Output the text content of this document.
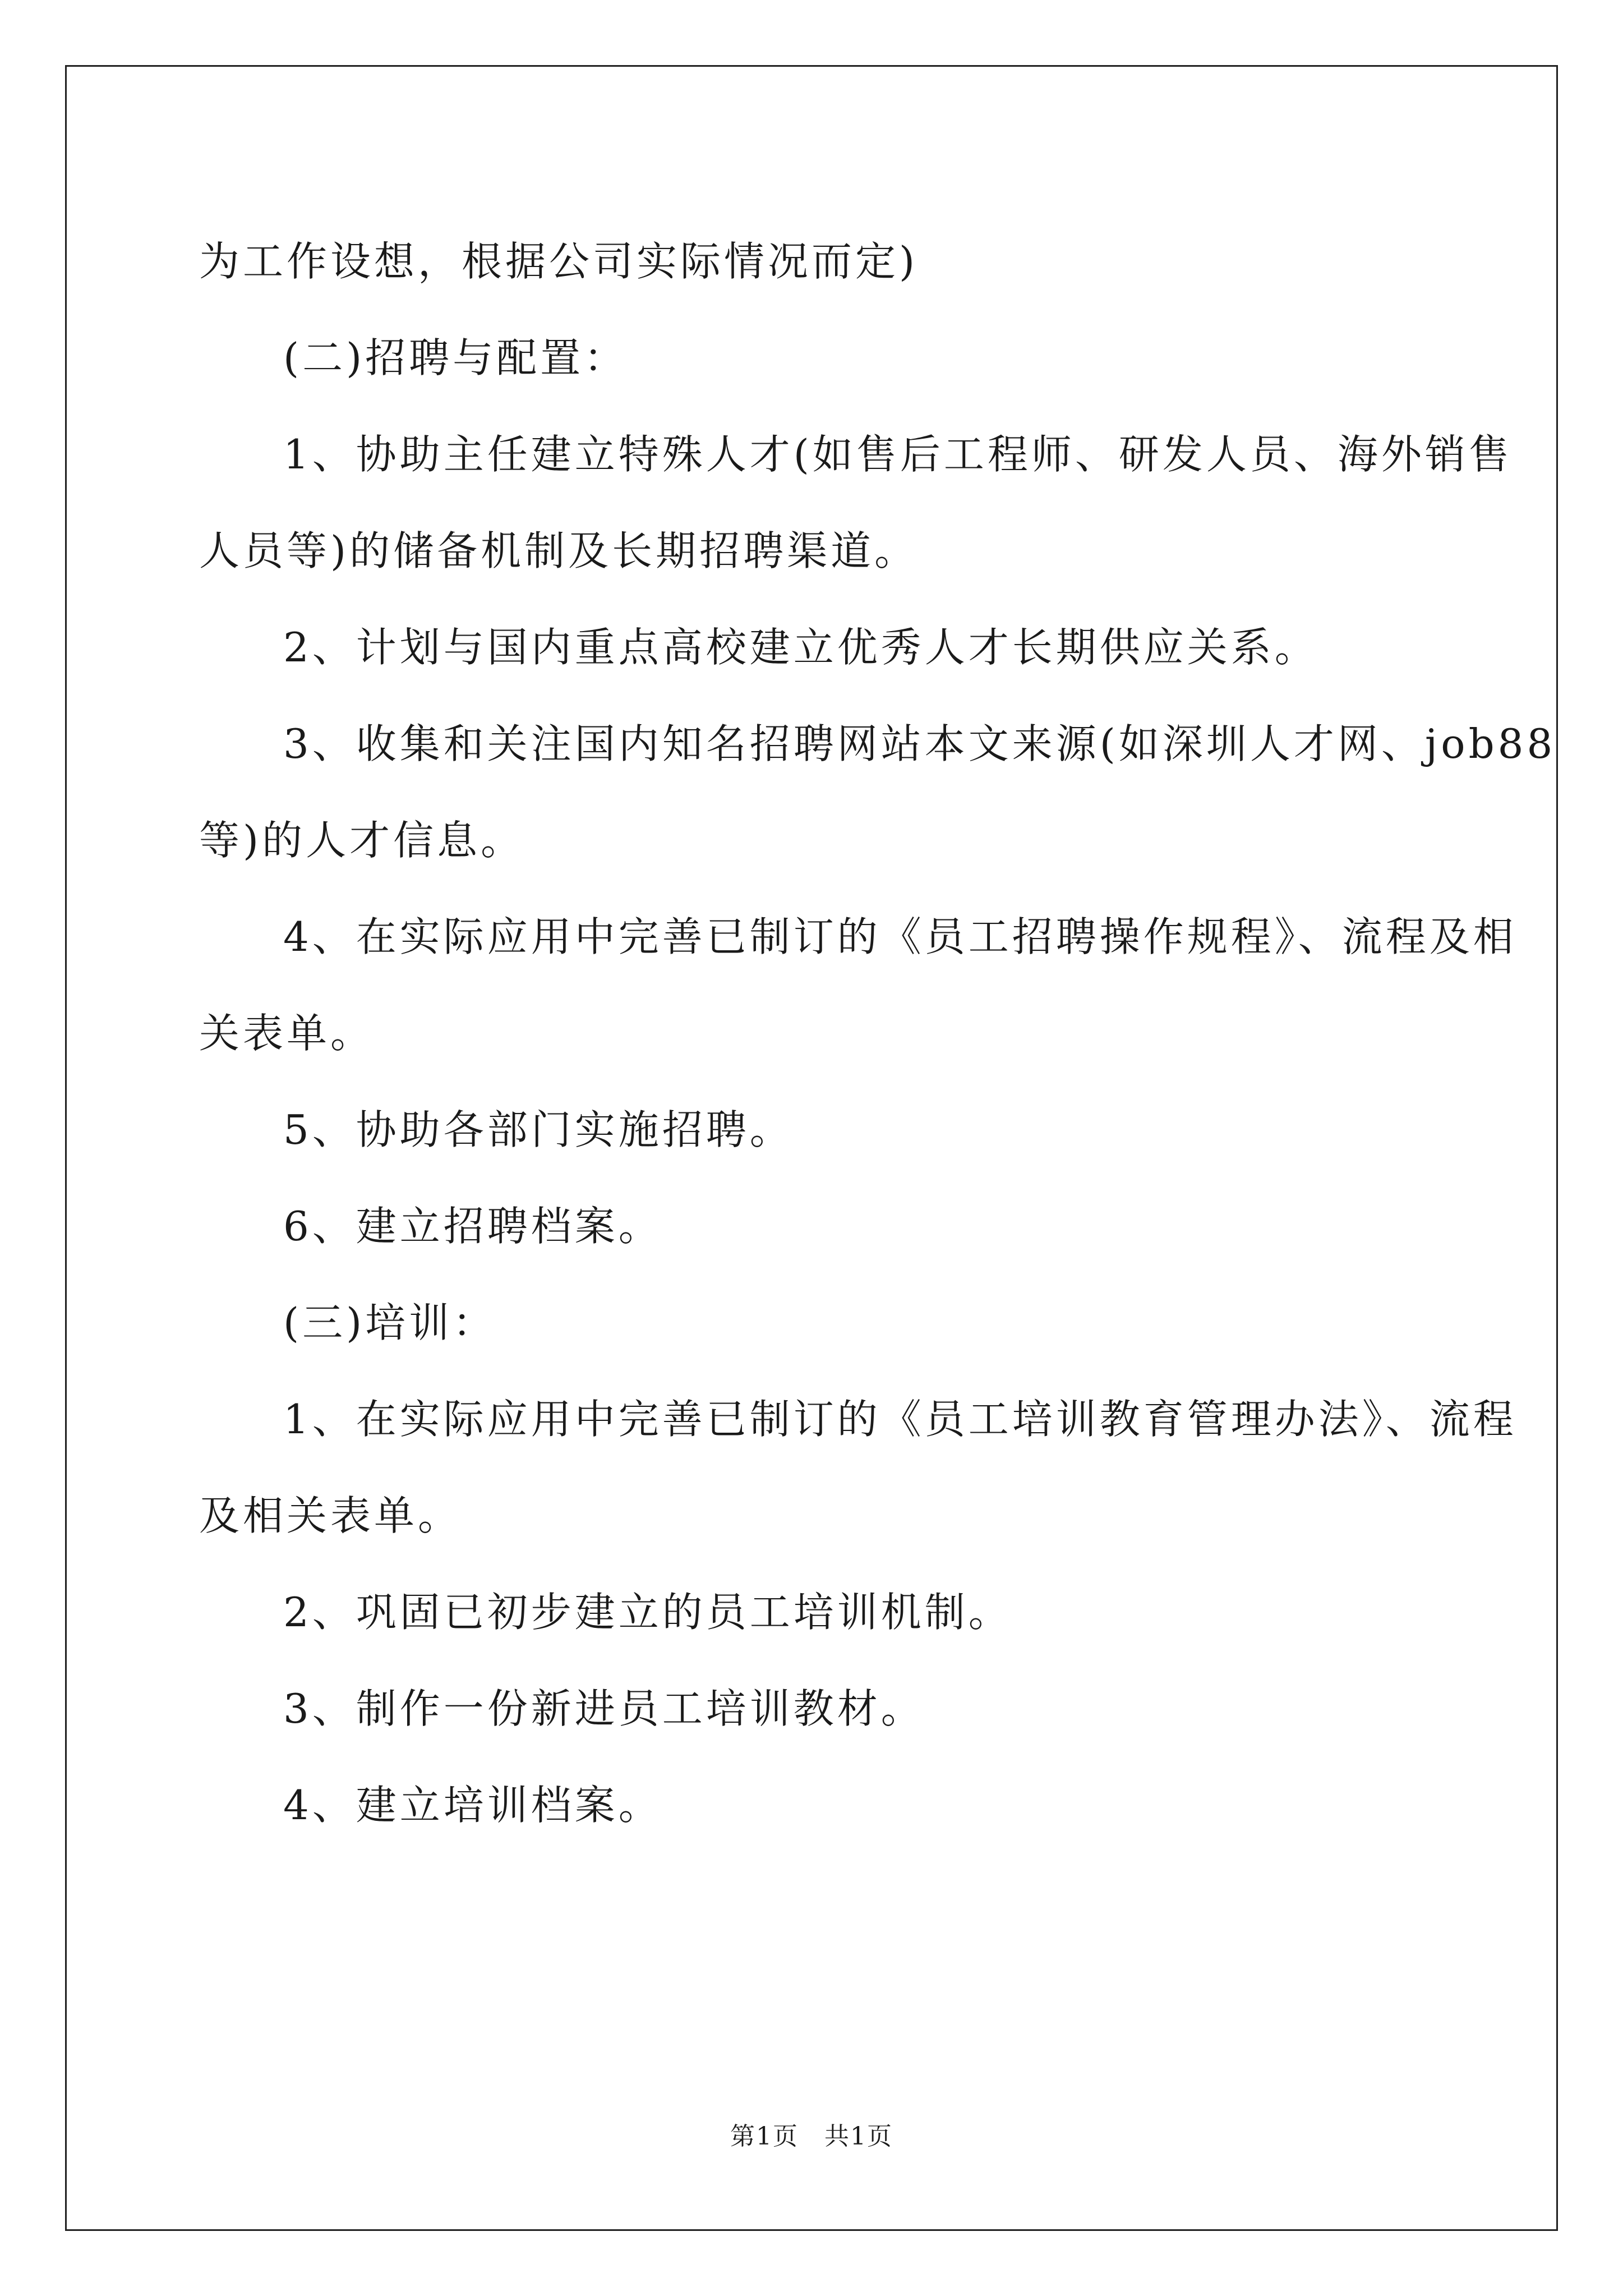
为工作设想，根据公司实际情况而定)

(二)招聘与配置：

1、协助主任建立特殊人才(如售后工程师、研发人员、海外销售

人员等)的储备机制及长期招聘渠道。

2、计划与国内重点高校建立优秀人才长期供应关系。

3、收集和关注国内知名招聘网站本文来源(如深圳人才网、job88

等)的人才信息。

4、在实际应用中完善已制订的《员工招聘操作规程》、流程及相

关表单。

5、协助各部门实施招聘。

6、建立招聘档案。

(三)培训：

1、在实际应用中完善已制订的《员工培训教育管理办法》、流程

及相关表单。

2、巩固已初步建立的员工培训机制。

3、制作一份新进员工培训教材。

4、建立培训档案。

第1页　共1页
